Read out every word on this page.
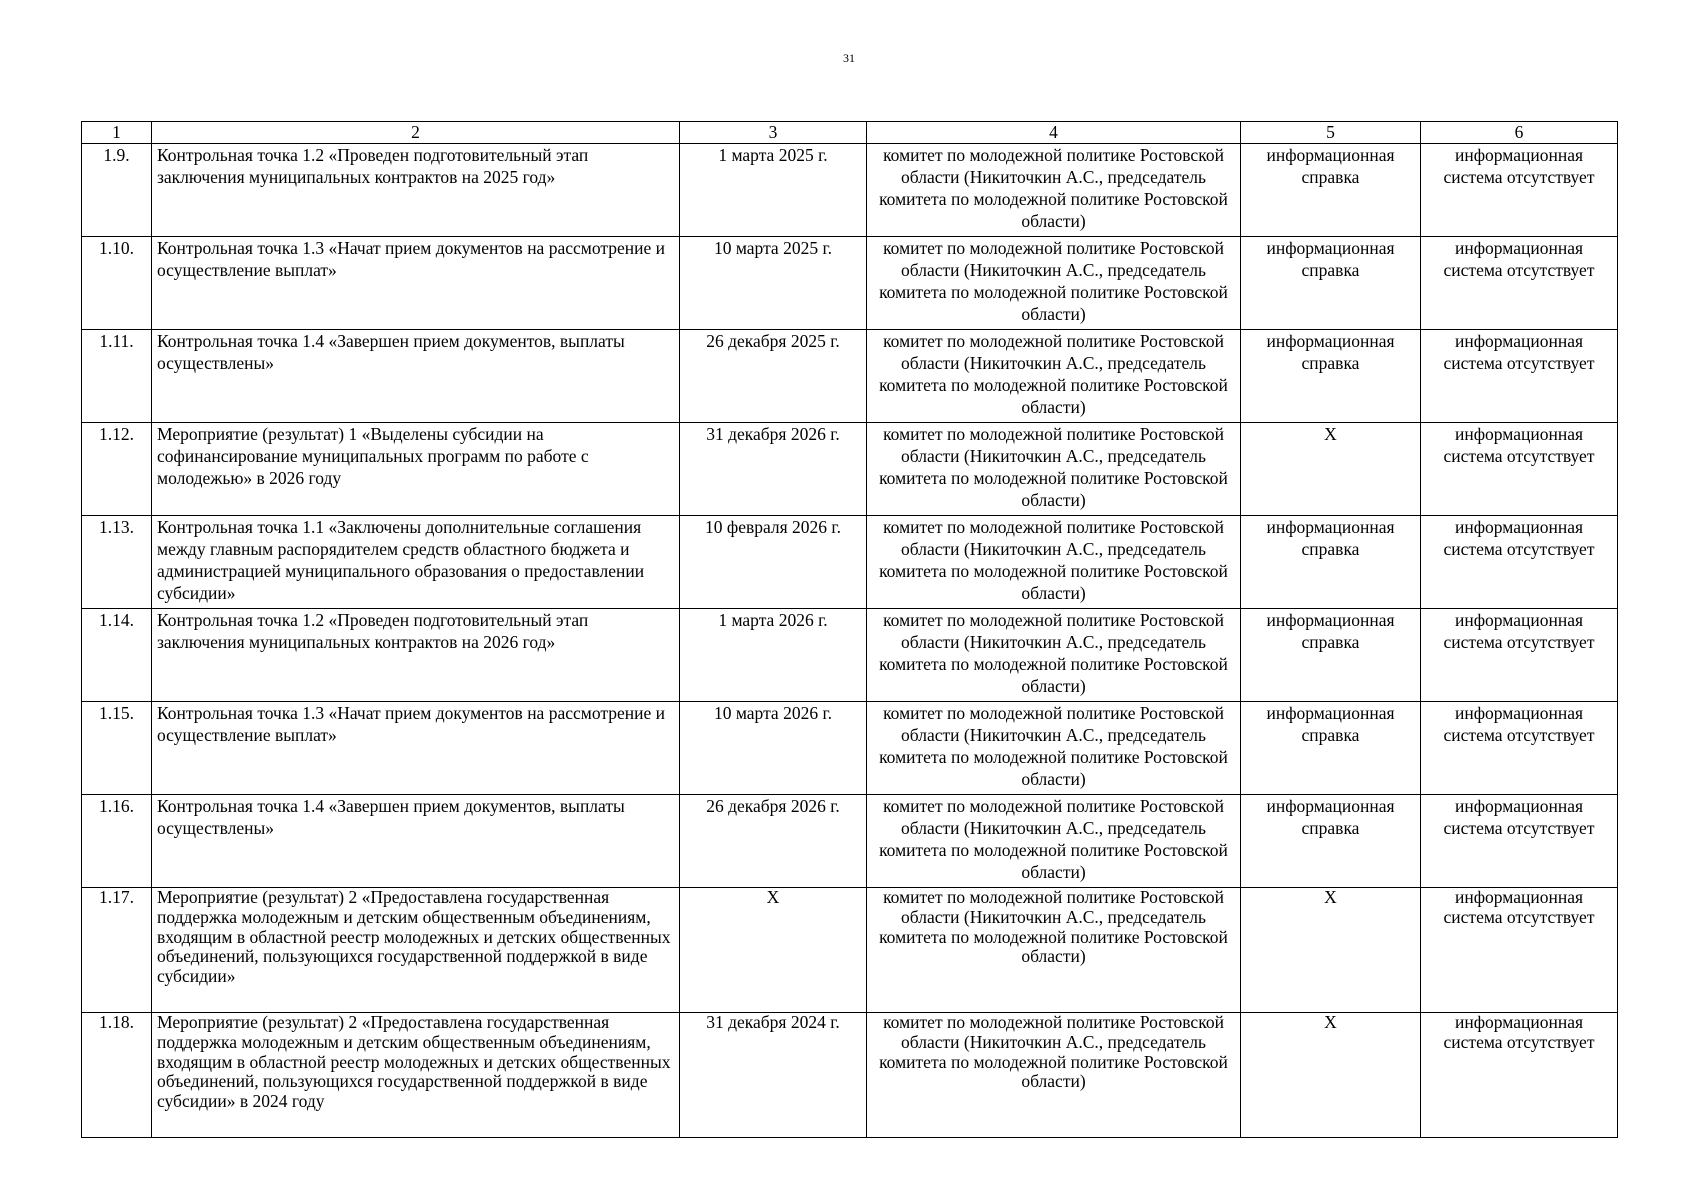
31
1	2	3	4	5	6
1.9.	Контрольная точка 1.2 «Проведен подготовительный этап заключения муниципальных контрактов на 2025 год»	1 марта 2025 г.	комитет по молодежной политике Ростовской области (Никиточкин А.С., председатель комитета по молодежной политике Ростовской области)	информационная справка	информационная система отсутствует
1.10.	Контрольная точка 1.3 «Начат прием документов на рассмотрение и осуществление выплат»	10 марта 2025 г.	комитет по молодежной политике Ростовской области (Никиточкин А.С., председатель комитета по молодежной политике Ростовской области)	информационная справка	информационная система отсутствует
1.11.	Контрольная точка 1.4 «Завершен прием документов, выплаты осуществлены»	26 декабря 2025 г.	комитет по молодежной политике Ростовской области (Никиточкин А.С., председатель комитета по молодежной политике Ростовской области)	информационная справка	информационная система отсутствует
1.12.	Мероприятие (результат) 1 «Выделены субсидии на софинансирование муниципальных программ по работе с молодежью» в 2026 году	31 декабря 2026 г.	комитет по молодежной политике Ростовской области (Никиточкин А.С., председатель комитета по молодежной политике Ростовской области)	Х	информационная система отсутствует
1.13.	Контрольная точка 1.1 «Заключены дополнительные соглашения между главным распорядителем средств областного бюджета и администрацией муниципального образования о предоставлении субсидии»	10 февраля 2026 г.	комитет по молодежной политике Ростовской области (Никиточкин А.С., председатель комитета по молодежной политике Ростовской области)	информационная справка	информационная система отсутствует
1.14.	Контрольная точка 1.2 «Проведен подготовительный этап заключения муниципальных контрактов на 2026 год»	1 марта 2026 г.	комитет по молодежной политике Ростовской области (Никиточкин А.С., председатель комитета по молодежной политике Ростовской области)	информационная справка	информационная система отсутствует
1.15.	Контрольная точка 1.3 «Начат прием документов на рассмотрение и осуществление выплат»	10 марта 2026 г.	комитет по молодежной политике Ростовской области (Никиточкин А.С., председатель комитета по молодежной политике Ростовской области)	информационная справка	информационная система отсутствует
1.16.	Контрольная точка 1.4 «Завершен прием документов, выплаты осуществлены»	26 декабря 2026 г.	комитет по молодежной политике Ростовской области (Никиточкин А.С., председатель комитета по молодежной политике Ростовской области)	информационная справка	информационная система отсутствует
1.17.	Мероприятие (результат) 2 «Предоставлена государственная поддержка молодежным и детским общественным объединениям, входящим в областной реестр молодежных и детских общественных объединений, пользующихся государственной поддержкой в виде субсидии»	Х	комитет по молодежной политике Ростовской области (Никиточкин А.С., председатель комитета по молодежной политике Ростовской области)	Х	информационная система отсутствует
1.18.	Мероприятие (результат) 2 «Предоставлена государственная поддержка молодежным и детским общественным объединениям, входящим в областной реестр молодежных и детских общественных объединений, пользующихся государственной поддержкой в виде субсидии» в 2024 году	31 декабря 2024 г.	комитет по молодежной политике Ростовской области (Никиточкин А.С., председатель комитета по молодежной политике Ростовской области)	Х	информационная система отсутствует
